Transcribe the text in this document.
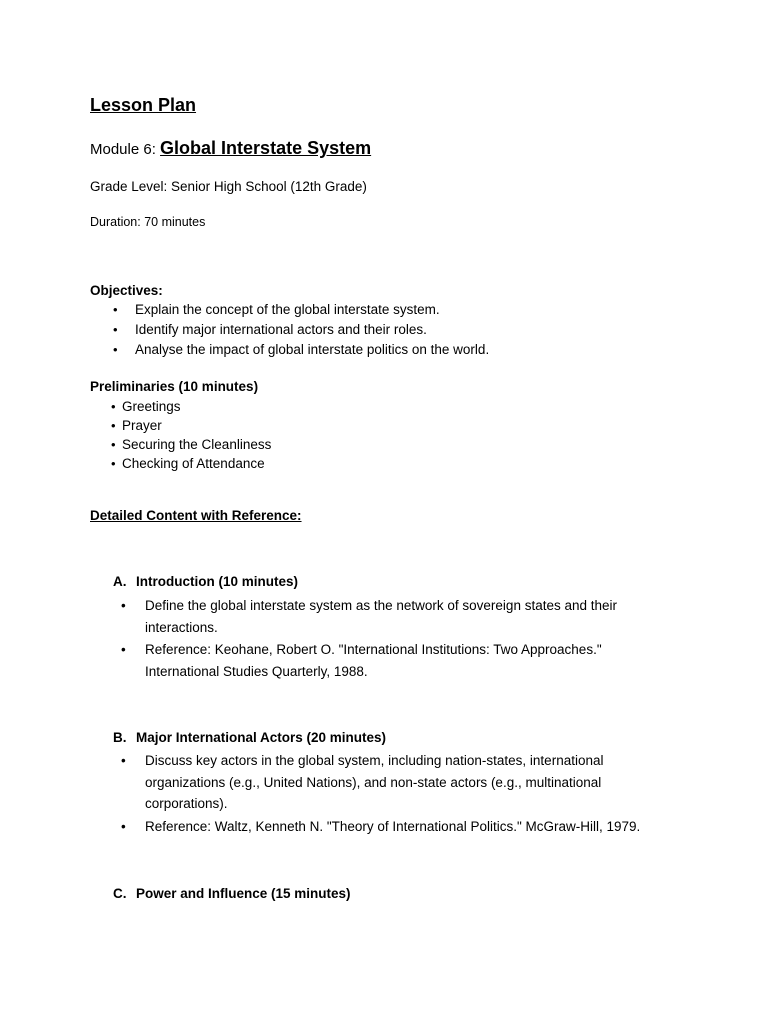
Lesson Plan
Module 6: Global Interstate System
Grade Level: Senior High School (12th Grade)
Duration: 70 minutes
Objectives:
• Explain the concept of the global interstate system.
• Identify major international actors and their roles.
• Analyse the impact of global interstate politics on the world.
Preliminaries (10 minutes)
• Greetings
• Prayer
• Securing the Cleanliness
• Checking of Attendance
Detailed Content with Reference:
A. Introduction (10 minutes)
• Define the global interstate system as the network of sovereign states and their interactions.
• Reference: Keohane, Robert O. "International Institutions: Two Approaches." International Studies Quarterly, 1988.
B. Major International Actors (20 minutes)
• Discuss key actors in the global system, including nation-states, international organizations (e.g., United Nations), and non-state actors (e.g., multinational corporations).
• Reference: Waltz, Kenneth N. "Theory of International Politics." McGraw-Hill, 1979.
C. Power and Influence (15 minutes)
